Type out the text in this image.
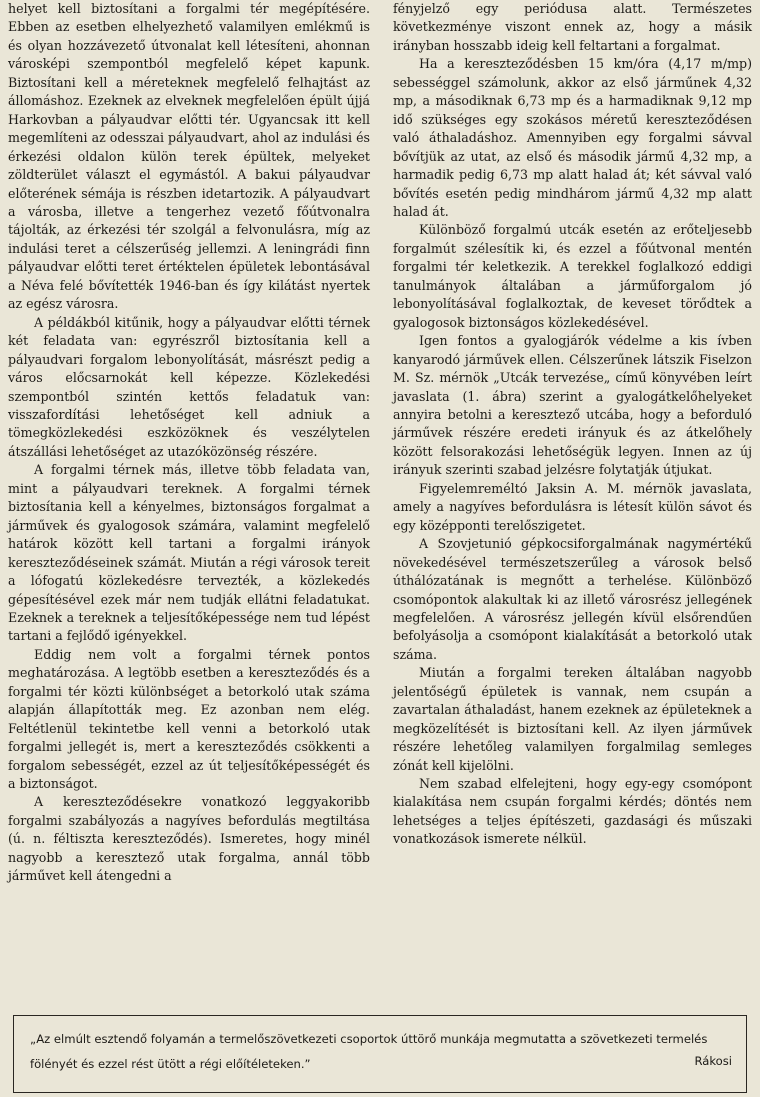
helyet kell biztosítani a forgalmi tér megépítésére. Ebben az esetben elhelyezhető valamilyen emlékmű is és olyan hozzávezető útvonalat kell létesíteni, ahonnan városképi szempontból megfelelő képet kapunk. Biztosítani kell a méreteknek megfelelő felhajtást az állomáshoz. Ezeknek az elveknek megfelelően épült újjá Harkovban a pályaudvar előtti tér. Ugyancsak itt kell megemlíteni az odesszai pályaudvart, ahol az indulási és érkezési oldalon külön terek épültek, melyeket zöldterület választ el egymástól. A bakui pályaudvar előterének sémája is részben idetartozik. A pályaudvart a városba, illetve a tengerhez vezető főútvonalra tájolták, az érkezési tér szolgál a felvonulásra, míg az indulási teret a célszerűség jellemzi. A leningrádi finn pályaudvar előtti teret értéktelen épületek lebontásával a Néva felé bővítették 1946-ban és így kilátást nyertek az egész városra.

A példákból kitűnik, hogy a pályaudvar előtti térnek két feladata van: egyrészről biztosítania kell a pályaudvari forgalom lebonyolítását, másrészt pedig a város előcsarnokát kell képezze. Közlekedési szempontból szintén kettős feladatuk van: visszafordítási lehetőséget kell adniuk a tömegközlekedési eszközöknek és veszélytelen átszállási lehetőséget az utazóközönség részére.

A forgalmi térnek más, illetve több feladata van, mint a pályaudvari tereknek. A forgalmi térnek biztosítania kell a kényelmes, biztonságos forgalmat a járművek és gyalogosok számára, valamint megfelelő határok között kell tartani a forgalmi irányok kereszteződéseinek számát. Miután a régi városok tereit a lófogatú közlekedésre tervezték, a közlekedés gépesítésével ezek már nem tudják ellátni feladatukat. Ezeknek a tereknek a teljesítőképessége nem tud lépést tartani a fejlődő igényekkel.

Eddig nem volt a forgalmi térnek pontos meghatározása. A legtöbb esetben a kereszteződés és a forgalmi tér közti különbséget a betorkoló utak száma alapján állapították meg. Ez azonban nem elég. Feltétlenül tekintetbe kell venni a betorkoló utak forgalmi jellegét is, mert a kereszteződés csökkenti a forgalom sebességét, ezzel az út teljesítőképességét és a biztonságot.

A kereszteződésekre vonatkozó leggyakoribb forgalmi szabályozás a nagyíves befordulás megtiltása (ú. n. féltiszta kereszteződés). Ismeretes, hogy minél nagyobb a keresztező utak forgalma, annál több járművet kell átengedni a

fényjelző egy periódusa alatt. Természetes következménye viszont ennek az, hogy a másik irányban hosszabb ideig kell feltartani a forgalmat.

Ha a kereszteződésben 15 km/óra (4,17 m/mp) sebességgel számolunk, akkor az első járműnek 4,32 mp, a másodiknak 6,73 mp és a harmadiknak 9,12 mp idő szükséges egy szokásos méretű kereszteződésen való áthaladáshoz. Amennyiben egy forgalmi sávval bővítjük az utat, az első és második jármű 4,32 mp, a harmadik pedig 6,73 mp alatt halad át; két sávval való bővítés esetén pedig mindhárom jármű 4,32 mp alatt halad át.

Különböző forgalmú utcák esetén az erőteljesebb forgalmút szélesítik ki, és ezzel a főútvonal mentén forgalmi tér keletkezik. A terekkel foglalkozó eddigi tanulmányok általában a járműforgalom jó lebonyolításával foglalkoztak, de keveset törődtek a gyalogosok biztonságos közlekedésével.

Igen fontos a gyalogjárók védelme a kis ívben kanyarodó járművek ellen. Célszerűnek látszik Fiselzon M. Sz. mérnök „Utcák tervezése„ című könyvében leírt javaslata (1. ábra) szerint a gyalogátkelőhelyeket annyira betolni a keresztező utcába, hogy a beforduló járművek részére eredeti irányuk és az átkelőhely között felsorakozási lehetőségük legyen. Innen az új irányuk szerinti szabad jelzésre folytatják útjukat.

Figyelemreméltó Jaksin A. M. mérnök javaslata, amely a nagyíves befordulásra is létesít külön sávot és egy középponti terelőszigetet.

A Szovjetunió gépkocsiforgalmának nagymértékű növekedésével természetszerűleg a városok belső úthálózatának is megnőtt a terhelése. Különböző csomópontok alakultak ki az illető városrész jellegének megfelelően. A városrész jellegén kívül elsőrendűen befolyásolja a csomópont kialakítását a betorkoló utak száma.

Miután a forgalmi tereken általában nagyobb jelentőségű épületek is vannak, nem csupán a zavartalan áthaladást, hanem ezeknek az épületeknek a megközelítését is biztosítani kell. Az ilyen járművek részére lehetőleg valamilyen forgalmilag semleges zónát kell kijelölni.

Nem szabad elfelejteni, hogy egy-egy csomópont kialakítása nem csupán forgalmi kérdés; döntés nem lehetséges a teljes építészeti, gazdasági és műszaki vonatkozások ismerete nélkül.

„Az elmúlt esztendő folyamán a termelőszövetkezeti csoportok úttörő munkája megmutatta a szövetkezeti termelés fölényét és ezzel rést ütött a régi előítéleteken.”	Rákosi
